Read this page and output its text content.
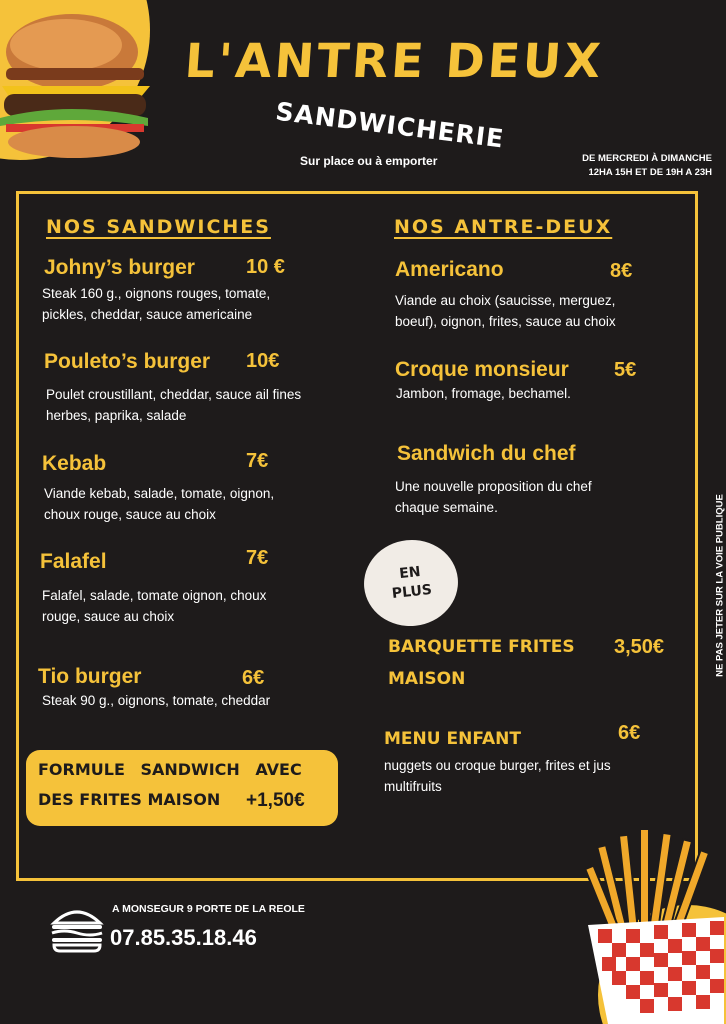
L'ANTRE DEUX
SANDWICHERIE
Sur place ou à emporter	DE MERCREDI À DIMANCHE
12HA 15H ET DE 19H A 23H
NOS SANDWICHES
Johny’s burger	10 €
Steak 160 g., oignons rouges, tomate, pickles, cheddar, sauce americaine
Pouleto’s burger 10€
Poulet croustillant, cheddar, sauce ail fines herbes, paprika, salade
Kebab	7€
Viande kebab, salade, tomate, oignon, choux rouge, sauce au choix
Falafel	7€
Falafel, salade, tomate oignon, choux rouge, sauce au choix
Tio burger	6€
Steak 90 g., oignons, tomate, cheddar
FORMULE SANDWICH AVEC
DES FRITES MAISON +1,50€
NOS ANTRE-DEUX
Americano	8€
Viande au choix (saucisse, merguez, boeuf), oignon, frites, sauce au choix
Croque monsieur 5€
Jambon, fromage, bechamel.
Sandwich du chef
Une nouvelle proposition du chef chaque semaine.
EN
PLUS
BARQUETTE FRITES
MAISON
3,50€
MENU ENFANT	6€
nuggets ou croque burger, frites et jus multifruits
NE PAS JETER SUR LA VOIE PUBLIQUE
A MONSEGUR 9 PORTE DE LA REOLE
07.85.35.18.46
